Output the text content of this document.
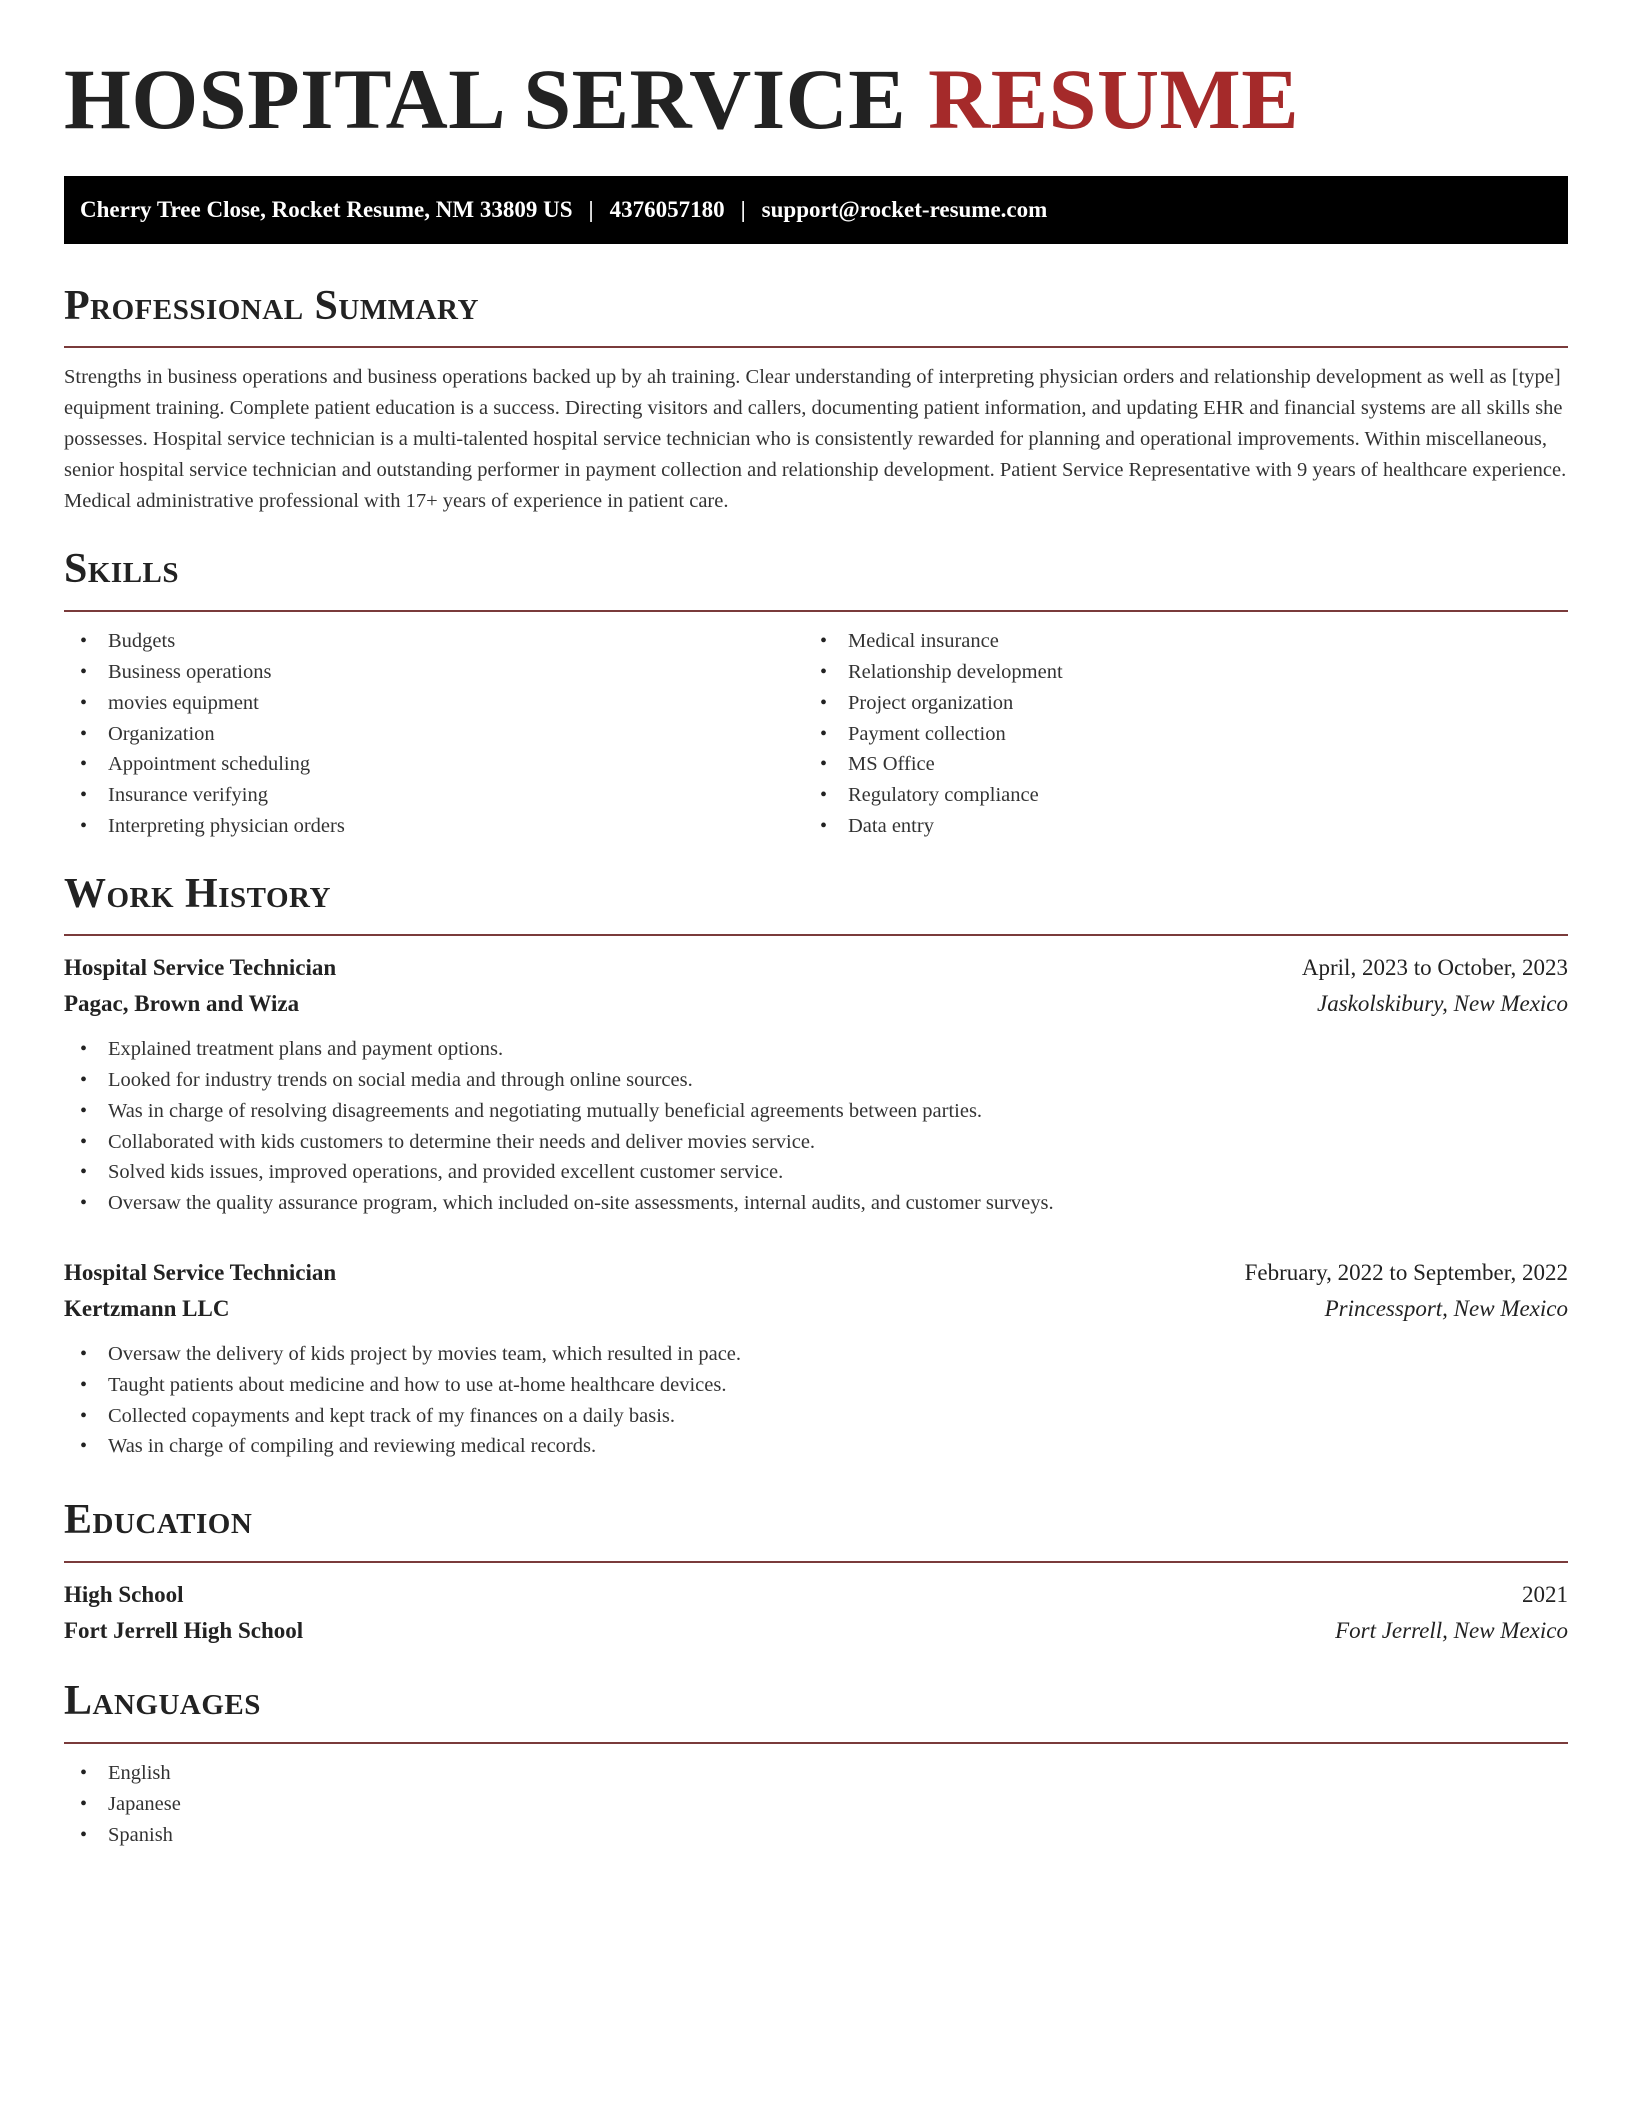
HOSPITAL SERVICE RESUME
Cherry Tree Close, Rocket Resume, NM 33809 US | 4376057180 | support@rocket-resume.com
Professional Summary

Strengths in business operations and business operations backed up by ah training. Clear understanding of interpreting physician orders and relationship development as well as [type] equipment training. Complete patient education is a success. Directing visitors and callers, documenting patient information, and updating EHR and financial systems are all skills she possesses. Hospital service technician is a multi-talented hospital service technician who is consistently rewarded for planning and operational improvements. Within miscellaneous, senior hospital service technician and outstanding performer in payment collection and relationship development. Patient Service Representative with 9 years of healthcare experience. Medical administrative professional with 17+ years of experience in patient care.

Skills
• Budgets
• Business operations
• movies equipment
• Organization
• Appointment scheduling
• Insurance verifying
• Interpreting physician orders
• Medical insurance
• Relationship development
• Project organization
• Payment collection
• MS Office
• Regulatory compliance
• Data entry
Work History
Hospital Service Technician	April, 2023 to October, 2023
Pagac, Brown and Wiza	Jaskolskibury, New Mexico
• Explained treatment plans and payment options.
• Looked for industry trends on social media and through online sources.
• Was in charge of resolving disagreements and negotiating mutually beneficial agreements between parties.
• Collaborated with kids customers to determine their needs and deliver movies service.
• Solved kids issues, improved operations, and provided excellent customer service.
• Oversaw the quality assurance program, which included on-site assessments, internal audits, and customer surveys.
Hospital Service Technician	February, 2022 to September, 2022
Kertzmann LLC	Princessport, New Mexico
• Oversaw the delivery of kids project by movies team, which resulted in pace.
• Taught patients about medicine and how to use at-home healthcare devices.
• Collected copayments and kept track of my finances on a daily basis.
• Was in charge of compiling and reviewing medical records.
Education
High School	2021
Fort Jerrell High School	Fort Jerrell, New Mexico
Languages
• English
• Japanese
• Spanish
